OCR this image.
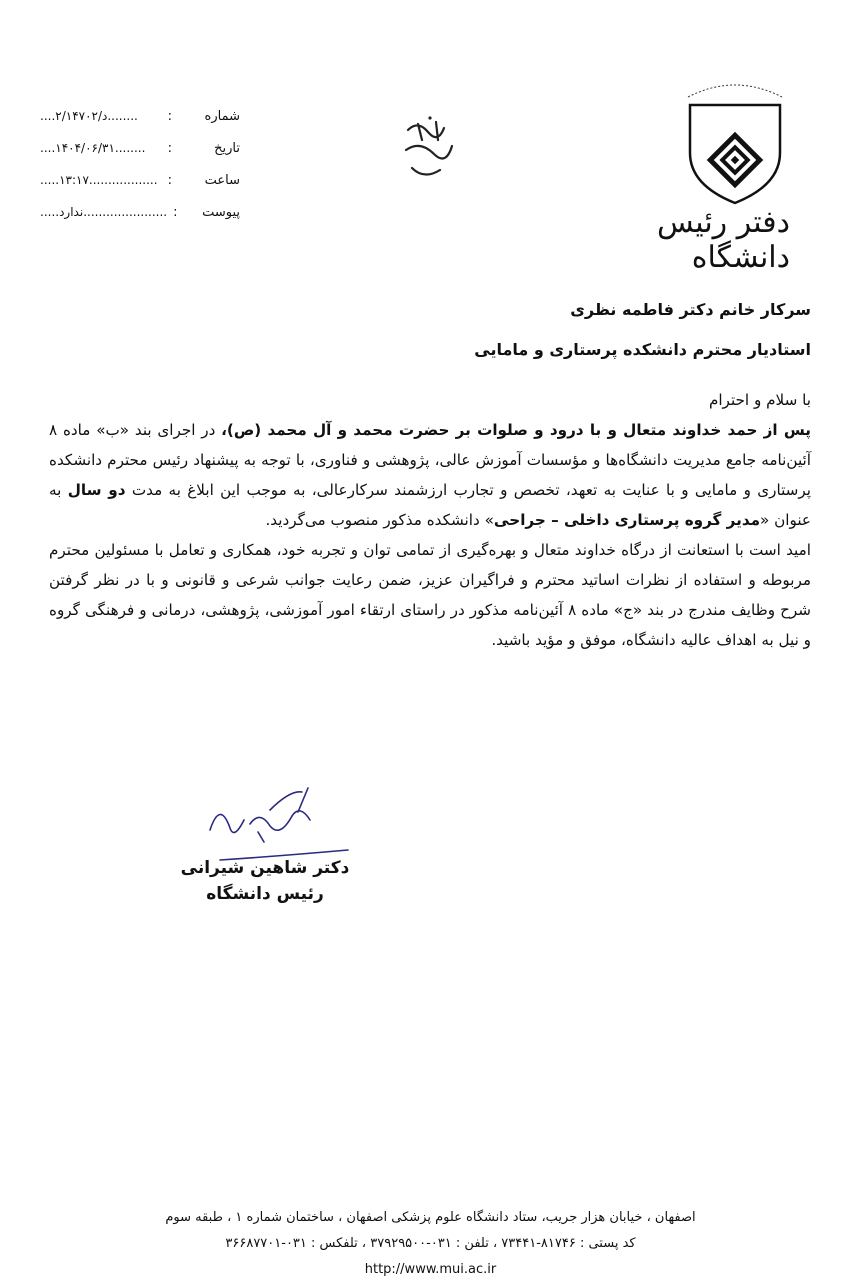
شماره
:
....۲/۱۴۷۰۲/د........
تاریخ
:
....۱۴۰۴/۰۶/۳۱........
ساعت
:
.....۱۳:۱۷..................
پیوست
:
.....ندارد......................	دفتر رئیس دانشگاه
سرکار خانم دکتر فاطمه نظری
استادیار محترم دانشکده پرستاری و مامایی

با سلام و احترام

پس از حمد خداوند متعال و با درود و صلوات بر حضرت محمد و آل محمد (ص)، در اجرای بند «ب» ماده ۸ آئین‌نامه جامع مدیریت دانشگاه‌ها و مؤسسات آموزش عالی، پژوهشی و فناوری، با توجه به پیشنهاد رئیس محترم دانشکده پرستاری و مامایی و با عنایت به تعهد، تخصص و تجارب ارزشمند سرکارعالی، به موجب این ابلاغ به مدت دو سال به عنوان «مدیر گروه پرستاری داخلی – جراحی» دانشکده مذکور منصوب می‌گردید.

امید است با استعانت از درگاه خداوند متعال و بهره‌گیری از تمامی توان و تجربه خود، همکاری و تعامل با مسئولین محترم مربوطه و استفاده از نظرات اساتید محترم و فراگیران عزیز، ضمن رعایت جوانب شرعی و قانونی و با در نظر گرفتن شرح وظایف مندرج در بند «ج» ماده ۸ آئین‌نامه مذکور در راستای ارتقاء امور آموزشی، پژوهشی، درمانی و فرهنگی گروه و نیل به اهداف عالیه دانشگاه، موفق و مؤید باشید.

دکتر شاهین شیرانی
رئیس دانشگاه
اصفهان ، خیابان هزار جریب، ستاد دانشگاه علوم پزشکی اصفهان ، ساختمان شماره ۱ ، طبقه سوم
کد پستی : ۸۱۷۴۶-۷۳۴۴۱ ، تلفن : ۰۳۱-۳۷۹۲۹۵۰۰ ، تلفکس : ۰۳۱-۳۶۶۸۷۷۰۱
http://www.mui.ac.ir
